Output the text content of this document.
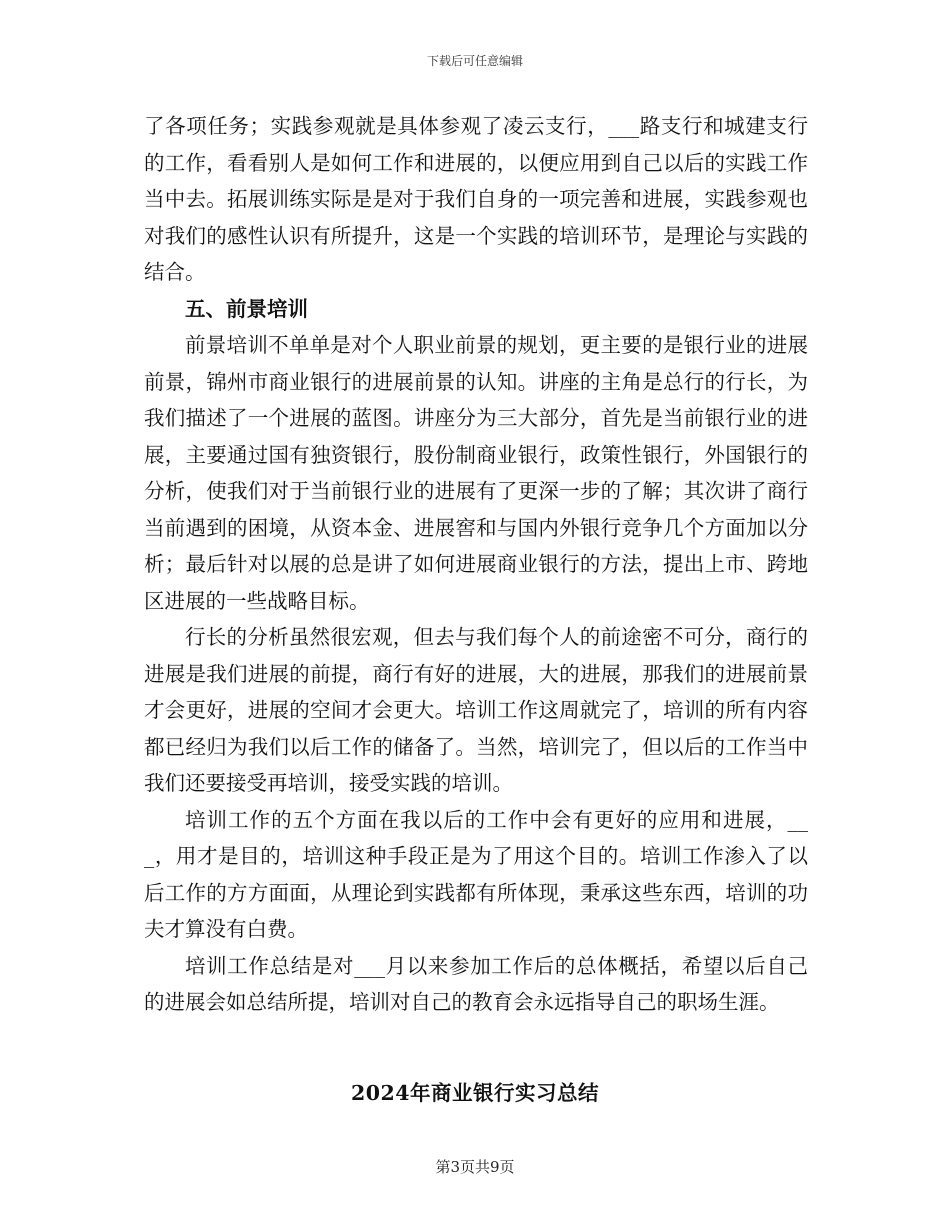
下载后可任意编辑

了各项任务；实践参观就是具体参观了凌云支行，___路支行和城建支行的工作，看看别人是如何工作和进展的，以便应用到自己以后的实践工作当中去。拓展训练实际是是对于我们自身的一项完善和进展，实践参观也对我们的感性认识有所提升，这是一个实践的培训环节，是理论与实践的结合。

五、前景培训

前景培训不单单是对个人职业前景的规划，更主要的是银行业的进展前景，锦州市商业银行的进展前景的认知。讲座的主角是总行的行长，为我们描述了一个进展的蓝图。讲座分为三大部分，首先是当前银行业的进展，主要通过国有独资银行，股份制商业银行，政策性银行，外国银行的分析，使我们对于当前银行业的进展有了更深一步的了解；其次讲了商行当前遇到的困境，从资本金、进展窖和与国内外银行竞争几个方面加以分析；最后针对以展的总是讲了如何进展商业银行的方法，提出上市、跨地区进展的一些战略目标。

行长的分析虽然很宏观，但去与我们每个人的前途密不可分，商行的进展是我们进展的前提，商行有好的进展，大的进展，那我们的进展前景才会更好，进展的空间才会更大。培训工作这周就完了，培训的所有内容都已经归为我们以后工作的储备了。当然，培训完了，但以后的工作当中我们还要接受再培训，接受实践的培训。

培训工作的五个方面在我以后的工作中会有更好的应用和进展，___，用才是目的，培训这种手段正是为了用这个目的。培训工作渗入了以后工作的方方面面，从理论到实践都有所体现，秉承这些东西，培训的功夫才算没有白费。

培训工作总结是对___月以来参加工作后的总体概括，希望以后自己的进展会如总结所提，培训对自己的教育会永远指导自己的职场生涯。

2024年商业银行实习总结
第3页共9页
